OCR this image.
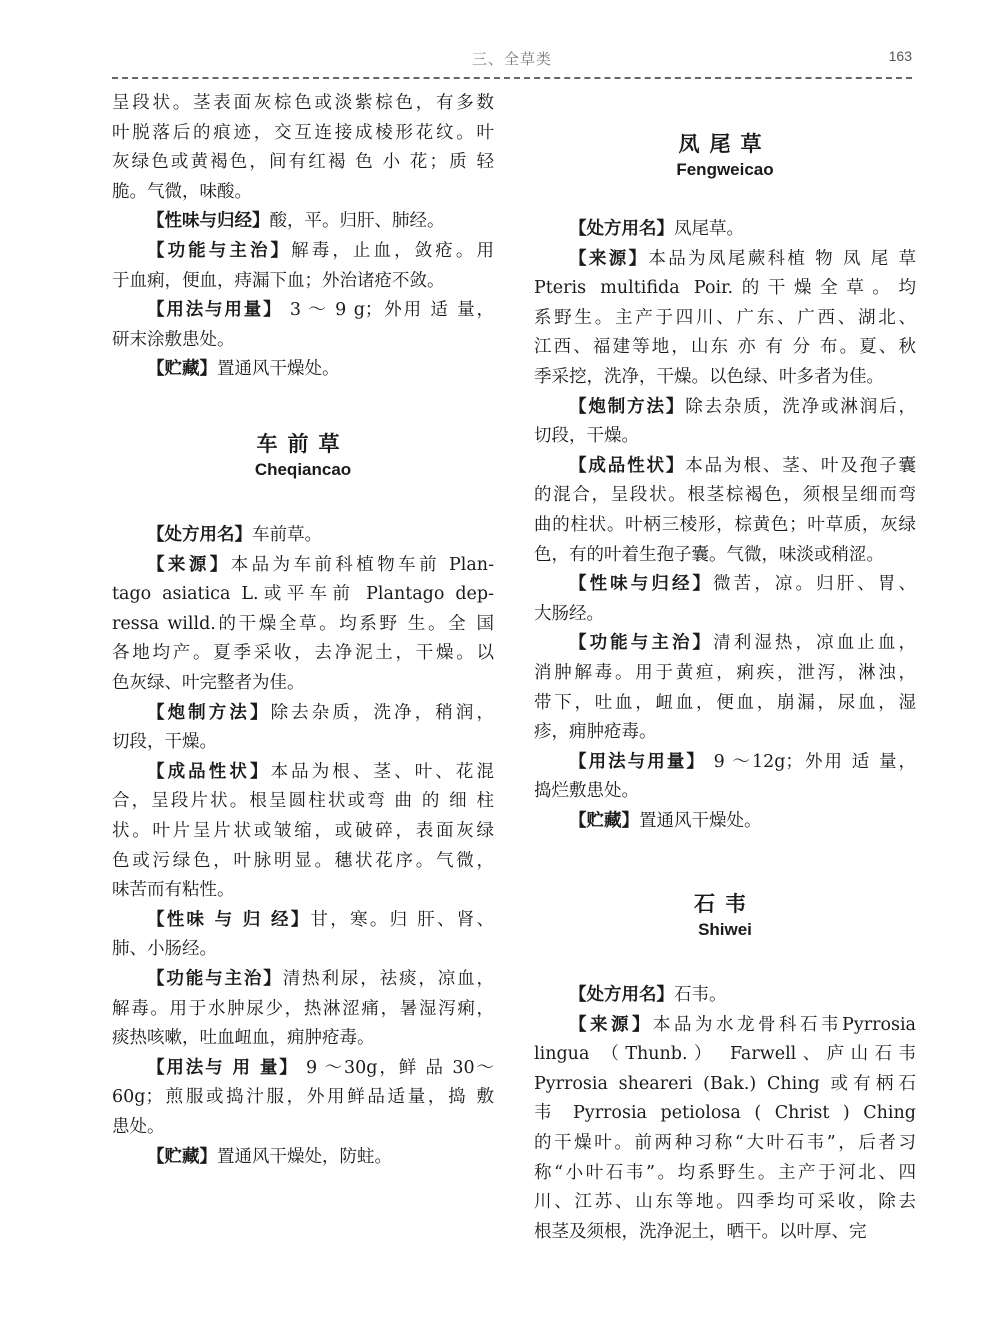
三、全草类	163
呈段状。茎表面灰棕色或淡紫棕色，有多数
叶脱落后的痕迹，交互连接成棱形花纹。叶
灰绿色或黄褐色，间有红褐 色 小 花；质 轻
脆。气微，味酸。
【性味与归经】酸，平。归肝、肺经。
【功能与主治】解毒，止血，敛疮。用
于血痢，便血，痔漏下血；外治诸疮不敛。
【用法与用量】 3 ～ 9 g；外用 适 量，
研末涂敷患处。
【贮藏】置通风干燥处。
车前草
Cheqiancao
【处方用名】车前草。
【来源】本品为车前科植物车前 Plan-
tago asiatica L.或平车前 Plantago dep-
ressa willd.的干燥全草。均系野 生。全 国
各地均产。夏季采收，去净泥土，干燥。以
色灰绿、叶完整者为佳。
【炮制方法】除去杂质，洗净，稍润，
切段，干燥。
【成品性状】本品为根、茎、叶、花混
合，呈段片状。根呈圆柱状或弯 曲 的 细 柱
状。叶片呈片状或皱缩，或破碎，表面灰绿
色或污绿色，叶脉明显。穗状花序。气微，
味苦而有粘性。
【性味 与 归 经】甘，寒。归 肝、肾、
肺、小肠经。
【功能与主治】清热利尿，祛痰，凉血，
解毒。用于水肿尿少，热淋涩痛，暑湿泻痢，
痰热咳嗽，吐血衄血，痈肿疮毒。
【用法与 用 量】 9 ～30g，鲜 品 30～
60g；煎服或捣汁服，外用鲜品适量，捣 敷
患处。
【贮藏】置通风干燥处，防蛀。
凤尾草
Fengweicao
【处方用名】凤尾草。
【来源】本品为凤尾蕨科植 物 凤 尾 草
Pteris multifida Poir.的干燥全草。均
系野生。主产于四川、广东、广西、湖北、
江西、福建等地，山东 亦 有 分 布。夏、秋
季采挖，洗净，干燥。以色绿、叶多者为佳。
【炮制方法】除去杂质，洗净或淋润后，
切段，干燥。
【成品性状】本品为根、茎、叶及孢子囊
的混合，呈段状。根茎棕褐色，须根呈细而弯
曲的柱状。叶柄三棱形，棕黄色；叶草质，灰绿
色，有的叶着生孢子囊。气微，味淡或稍涩。
【性味与归经】微苦，凉。归肝、胃、
大肠经。
【功能与主治】清利湿热，凉血止血，
消肿解毒。用于黄疸，痢疾，泄泻，淋浊，
带下，吐血，衄血，便血，崩漏，尿血，湿
疹，痈肿疮毒。
【用法与用量】 9 ～12g；外用 适 量，
捣烂敷患处。
【贮藏】置通风干燥处。
石韦
Shiwei
【处方用名】石韦。
【来源】本品为水龙骨科石韦Pyrrosia
lingua （Thunb.） Farwell、庐山石韦
Pyrrosia sheareri (Bak.) Ching 或有柄石
韦 Pyrrosia petiolosa ( Christ ) Ching
的干燥叶。前两种习称“大叶石韦”，后者习
称“小叶石韦”。均系野生。主产于河北、四
川、江苏、山东等地。四季均可采收，除去
根茎及须根，洗净泥土，晒干。以叶厚、完
